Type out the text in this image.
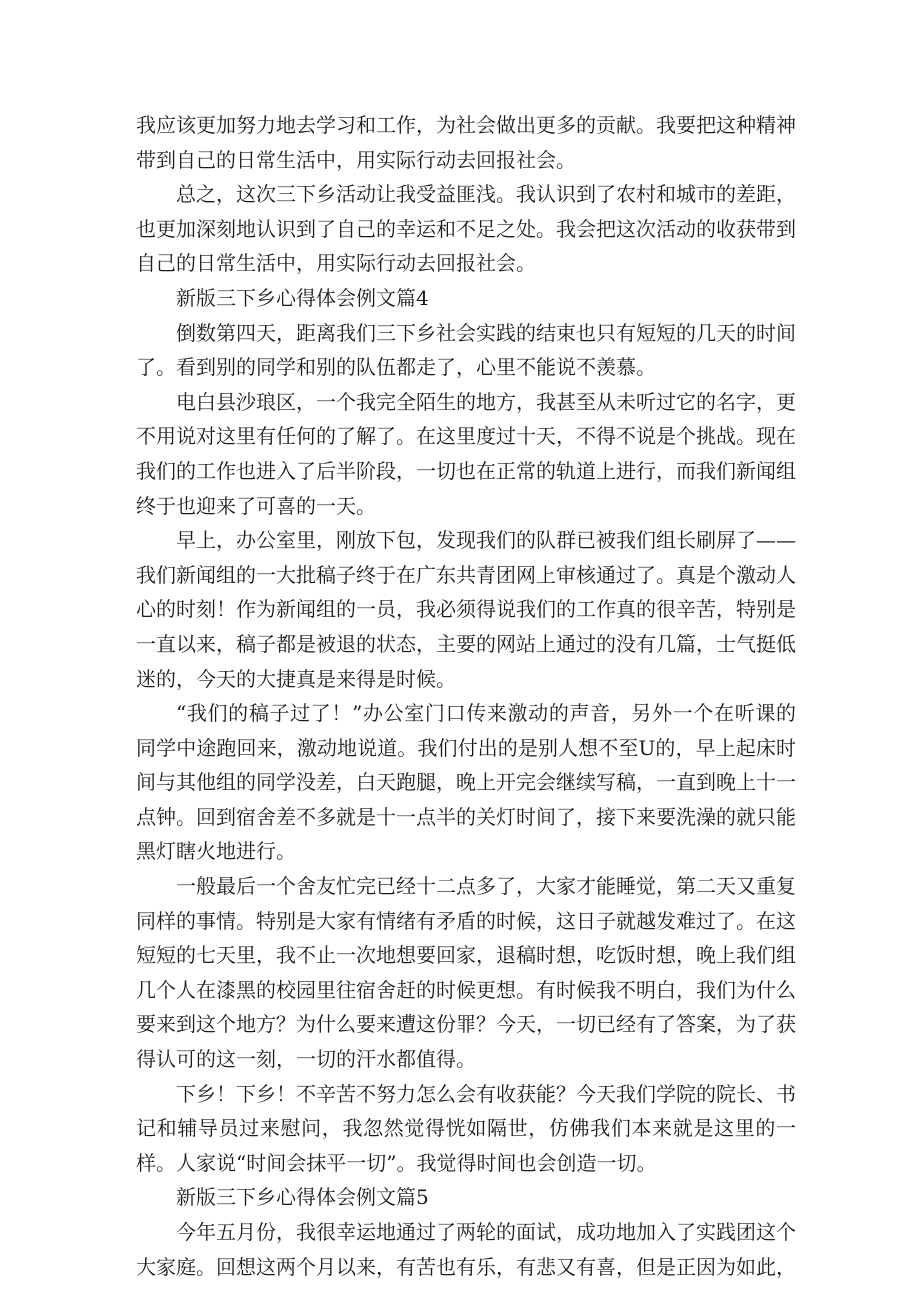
我应该更加努力地去学习和工作，为社会做出更多的贡献。我要把这种精神带到自己的日常生活中，用实际行动去回报社会。

总之，这次三下乡活动让我受益匪浅。我认识到了农村和城市的差距，也更加深刻地认识到了自己的幸运和不足之处。我会把这次活动的收获带到自己的日常生活中，用实际行动去回报社会。

新版三下乡心得体会例文篇4

倒数第四天，距离我们三下乡社会实践的结束也只有短短的几天的时间了。看到别的同学和别的队伍都走了，心里不能说不羡慕。

电白县沙琅区，一个我完全陌生的地方，我甚至从未听过它的名字，更不用说对这里有任何的了解了。在这里度过十天，不得不说是个挑战。现在我们的工作也进入了后半阶段，一切也在正常的轨道上进行，而我们新闻组终于也迎来了可喜的一天。

早上，办公室里，刚放下包，发现我们的队群已被我们组长刷屏了——我们新闻组的一大批稿子终于在广东共青团网上审核通过了。真是个激动人心的时刻！作为新闻组的一员，我必须得说我们的工作真的很辛苦，特别是一直以来，稿子都是被退的状态，主要的网站上通过的没有几篇，士气挺低迷的，今天的大捷真是来得是时候。

“我们的稿子过了！”办公室门口传来激动的声音，另外一个在听课的同学中途跑回来，激动地说道。我们付出的是别人想不至U的，早上起床时间与其他组的同学没差，白天跑腿，晚上开完会继续写稿，一直到晚上十一点钟。回到宿舍差不多就是十一点半的关灯时间了，接下来要洗澡的就只能黑灯瞎火地进行。

一般最后一个舍友忙完已经十二点多了，大家才能睡觉，第二天又重复同样的事情。特别是大家有情绪有矛盾的时候，这日子就越发难过了。在这短短的七天里，我不止一次地想要回家，退稿时想，吃饭时想，晚上我们组几个人在漆黑的校园里往宿舍赶的时候更想。有时候我不明白，我们为什么要来到这个地方？为什么要来遭这份罪？今天，一切已经有了答案，为了获得认可的这一刻，一切的汗水都值得。

下乡！下乡！不辛苦不努力怎么会有收获能？今天我们学院的院长、书记和辅导员过来慰问，我忽然觉得恍如隔世，仿佛我们本来就是这里的一样。人家说“时间会抹平一切”。我觉得时间也会创造一切。

新版三下乡心得体会例文篇5

今年五月份，我很幸运地通过了两轮的面试，成功地加入了实践团这个大家庭。回想这两个月以来，有苦也有乐，有悲又有喜，但是正因为如此，
